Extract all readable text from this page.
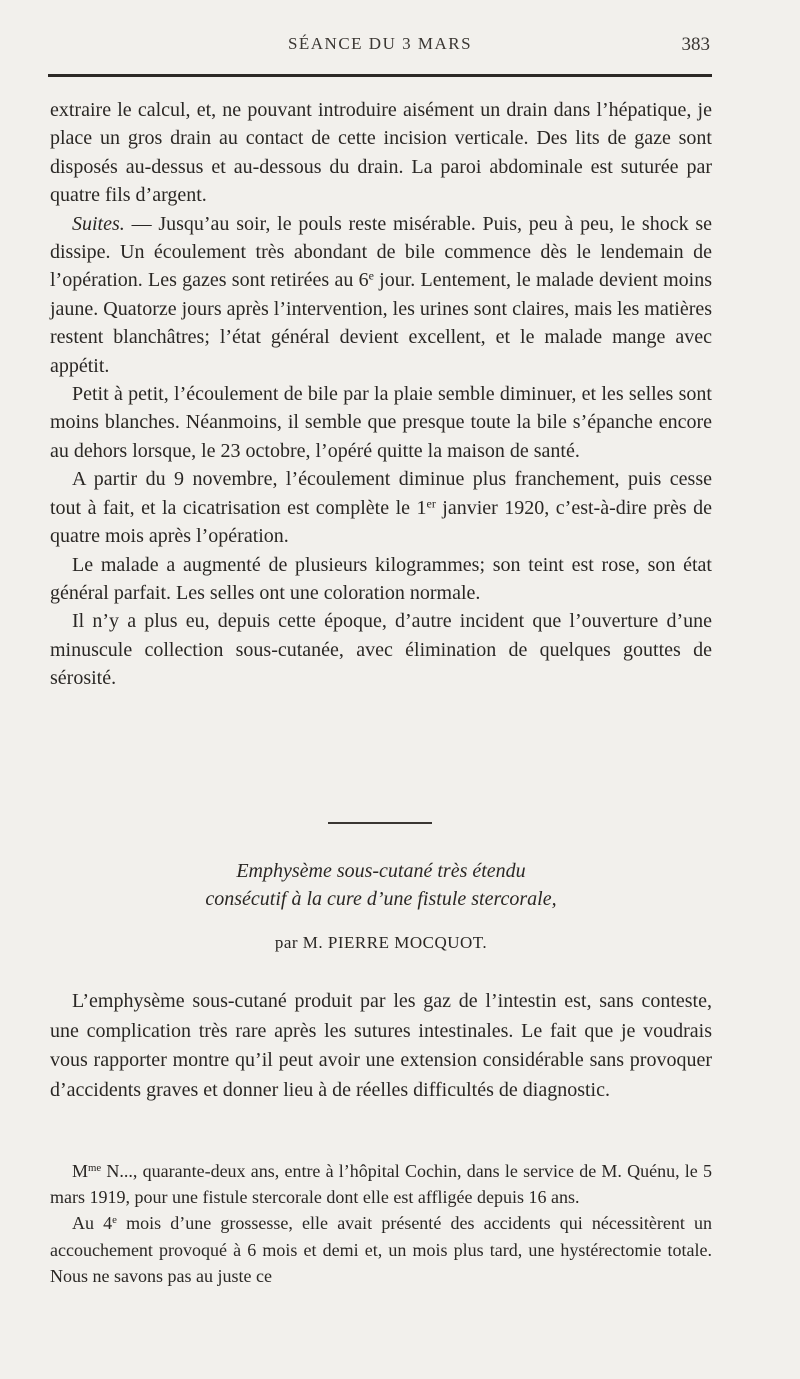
SÉANCE DU 3 MARS	383

extraire le calcul, et, ne pouvant introduire aisément un drain dans l’hépatique, je place un gros drain au contact de cette incision verticale. Des lits de gaze sont disposés au-dessus et au-dessous du drain. La paroi abdominale est suturée par quatre fils d’argent.

Suites. — Jusqu’au soir, le pouls reste misérable. Puis, peu à peu, le shock se dissipe. Un écoulement très abondant de bile commence dès le lendemain de l’opération. Les gazes sont retirées au 6e jour. Lentement, le malade devient moins jaune. Quatorze jours après l’intervention, les urines sont claires, mais les matières restent blanchâtres; l’état général devient excellent, et le malade mange avec appétit.

Petit à petit, l’écoulement de bile par la plaie semble diminuer, et les selles sont moins blanches. Néanmoins, il semble que presque toute la bile s’épanche encore au dehors lorsque, le 23 octobre, l’opéré quitte la maison de santé.

A partir du 9 novembre, l’écoulement diminue plus franchement, puis cesse tout à fait, et la cicatrisation est complète le 1er janvier 1920, c’est-à-dire près de quatre mois après l’opération.

Le malade a augmenté de plusieurs kilogrammes; son teint est rose, son état général parfait. Les selles ont une coloration normale.

Il n’y a plus eu, depuis cette époque, d’autre incident que l’ouverture d’une minuscule collection sous-cutanée, avec élimination de quelques gouttes de sérosité.

Emphysème sous-cutané très étendu
consécutif à la cure d’une fistule stercorale,
par M. PIERRE MOCQUOT.

L’emphysème sous-cutané produit par les gaz de l’intestin est, sans conteste, une complication très rare après les sutures intestinales. Le fait que je voudrais vous rapporter montre qu’il peut avoir une extension considérable sans provoquer d’accidents graves et donner lieu à de réelles difficultés de diagnostic.

$M^{me}$ N..., quarante-deux ans, entre à l’hôpital Cochin, dans le service de M. Quénu, le 5 mars 1919, pour une fistule stercorale dont elle est affligée depuis 16 ans.

Au 4e mois d’une grossesse, elle avait présenté des accidents qui nécessitèrent un accouchement provoqué à 6 mois et demi et, un mois plus tard, une hystérectomie totale. Nous ne savons pas au juste ce
